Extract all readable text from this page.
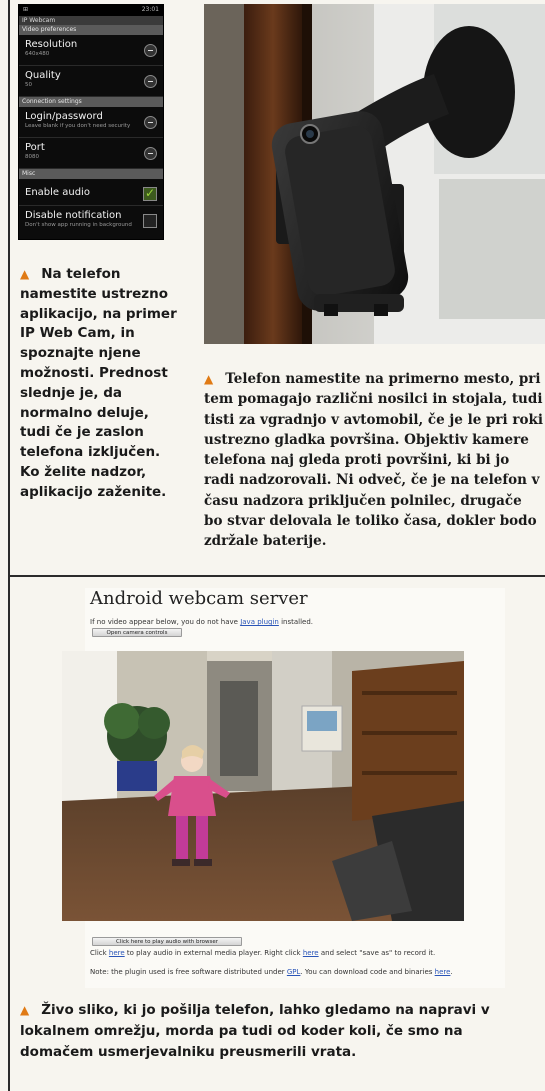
⊞	23:01
IP Webcam
Video preferences
Resolution
640x480
Quality
50
Connection settings
Login/password
Leave blank if you don't need security
Port
8080
Misc
Enable audio
✓
Disable notification
Don't show app running in background

▲ Na telefon namestite ustrezno aplikacijo, na primer IP Web Cam, in spoznajte njene možnosti. Prednost slednje je, da normalno deluje, tudi če je zaslon telefona izključen. Ko želite nadzor, aplikacijo zaženite.

▲ Telefon namestite na primerno mesto, pri tem pomagajo različni nosilci in stojala, tudi tisti za vgradnjo v avtomobil, če je le pri roki ustrezno gladka površina. Objektiv kamere telefona naj gleda proti površini, ki bi jo radi nadzorovali. Ni odveč, če je na telefon v času nadzora priključen polnilec, drugače bo stvar delovala le toliko časa, dokler bodo zdržale baterije.

Android webcam server
If no video appear below, you do not have Java plugin installed.
Open camera controls
Click here to play audio with browser
Click here to play audio in external media player. Right click here and select "save as" to record it.
Note: the plugin used is free software distributed under GPL. You can download code and binaries here.

▲ Živo sliko, ki jo pošilja telefon, lahko gledamo na napravi v lokalnem omrežju, morda pa tudi od koder koli, če smo na domačem usmerjevalniku preusmerili vrata.
